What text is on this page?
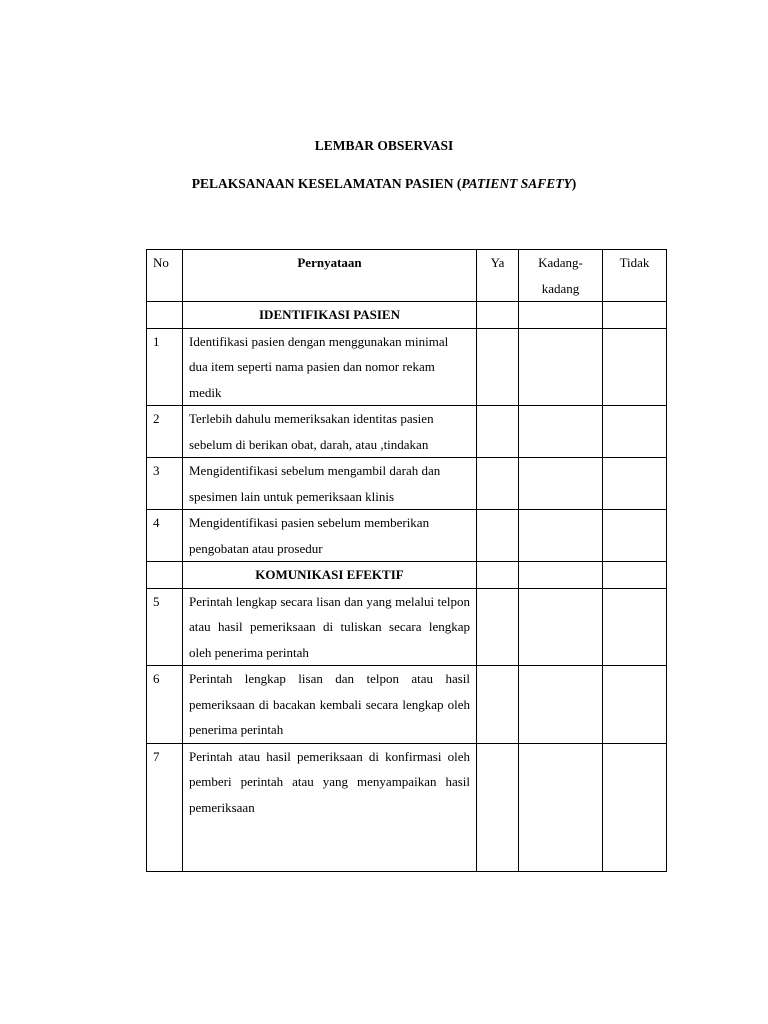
LEMBAR OBSERVASI
PELAKSANAAN KESELAMATAN PASIEN (PATIENT SAFETY)
No	Pernyataan	Ya	Kadang-kadang	Tidak
	IDENTIFIKASI PASIEN			
1	Identifikasi pasien dengan menggunakan minimal dua item seperti nama pasien dan nomor rekam medik			
2	Terlebih dahulu memeriksakan identitas pasien sebelum di berikan obat, darah, atau ,tindakan			
3	Mengidentifikasi sebelum mengambil darah dan spesimen lain untuk pemeriksaan klinis			
4	Mengidentifikasi pasien sebelum memberikan pengobatan atau prosedur			
	KOMUNIKASI EFEKTIF			
5	Perintah lengkap secara lisan dan yang melalui telpon atau hasil pemeriksaan di tuliskan secara lengkap oleh penerima perintah			
6	Perintah lengkap lisan dan telpon atau hasil pemeriksaan di bacakan kembali secara lengkap oleh penerima perintah			
7	Perintah atau hasil pemeriksaan di konfirmasi oleh pemberi perintah atau yang menyampaikan hasil pemeriksaan			
